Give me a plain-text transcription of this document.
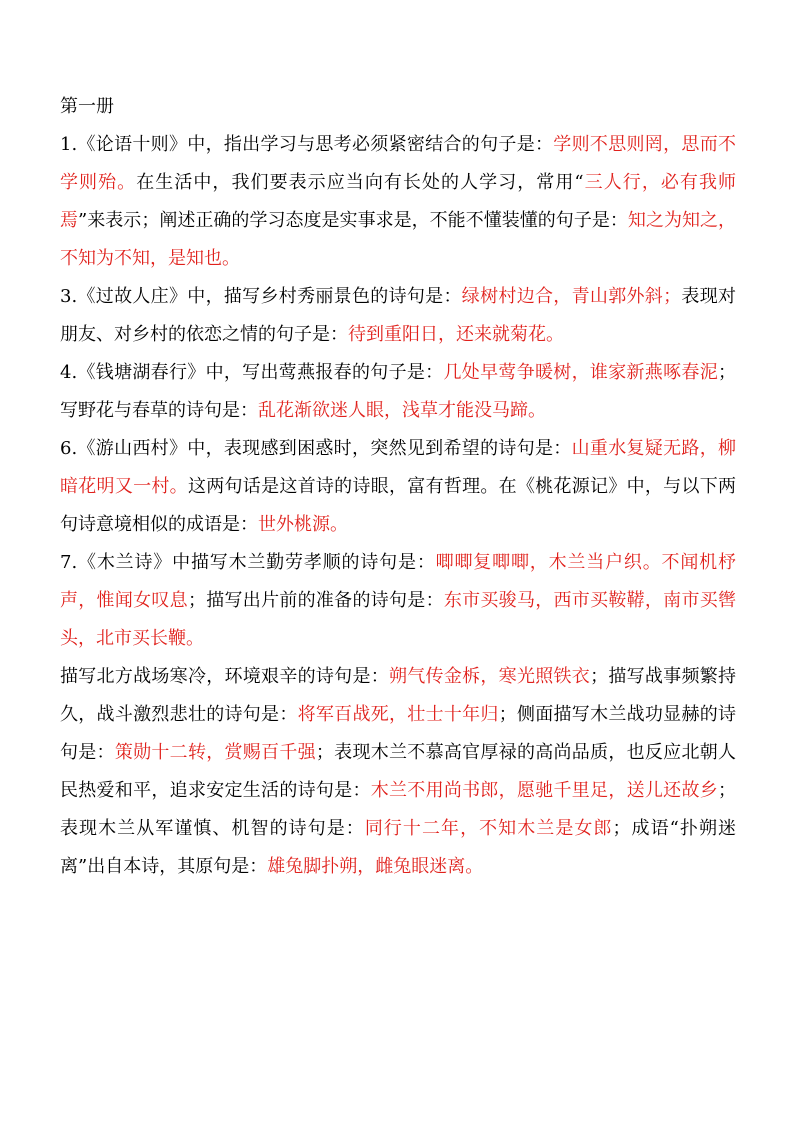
第一册

1.《论语十则》中，指出学习与思考必须紧密结合的句子是：学则不思则罔，思而不学则殆。在生活中，我们要表示应当向有长处的人学习，常用“三人行，必有我师焉”来表示；阐述正确的学习态度是实事求是，不能不懂装懂的句子是：知之为知之，不知为不知，是知也。

3.《过故人庄》中，描写乡村秀丽景色的诗句是：绿树村边合，青山郭外斜；表现对朋友、对乡村的依恋之情的句子是：待到重阳日，还来就菊花。

4.《钱塘湖春行》中，写出莺燕报春的句子是：几处早莺争暖树，谁家新燕啄春泥；写野花与春草的诗句是：乱花渐欲迷人眼，浅草才能没马蹄。

6.《游山西村》中，表现感到困惑时，突然见到希望的诗句是：山重水复疑无路，柳暗花明又一村。这两句话是这首诗的诗眼，富有哲理。在《桃花源记》中，与以下两句诗意境相似的成语是：世外桃源。

7.《木兰诗》中描写木兰勤劳孝顺的诗句是：唧唧复唧唧，木兰当户织。不闻机杼声，惟闻女叹息；描写出片前的准备的诗句是：东市买骏马，西市买鞍鞯，南市买辔头，北市买长鞭。

描写北方战场寒冷，环境艰辛的诗句是：朔气传金柝，寒光照铁衣；描写战事频繁持久，战斗激烈悲壮的诗句是：将军百战死，壮士十年归；侧面描写木兰战功显赫的诗句是：策勋十二转，赏赐百千强；表现木兰不慕高官厚禄的高尚品质，也反应北朝人民热爱和平，追求安定生活的诗句是：木兰不用尚书郎，愿驰千里足，送儿还故乡；表现木兰从军谨慎、机智的诗句是：同行十二年，不知木兰是女郎；成语“扑朔迷离”出自本诗，其原句是：雄兔脚扑朔，雌兔眼迷离。
